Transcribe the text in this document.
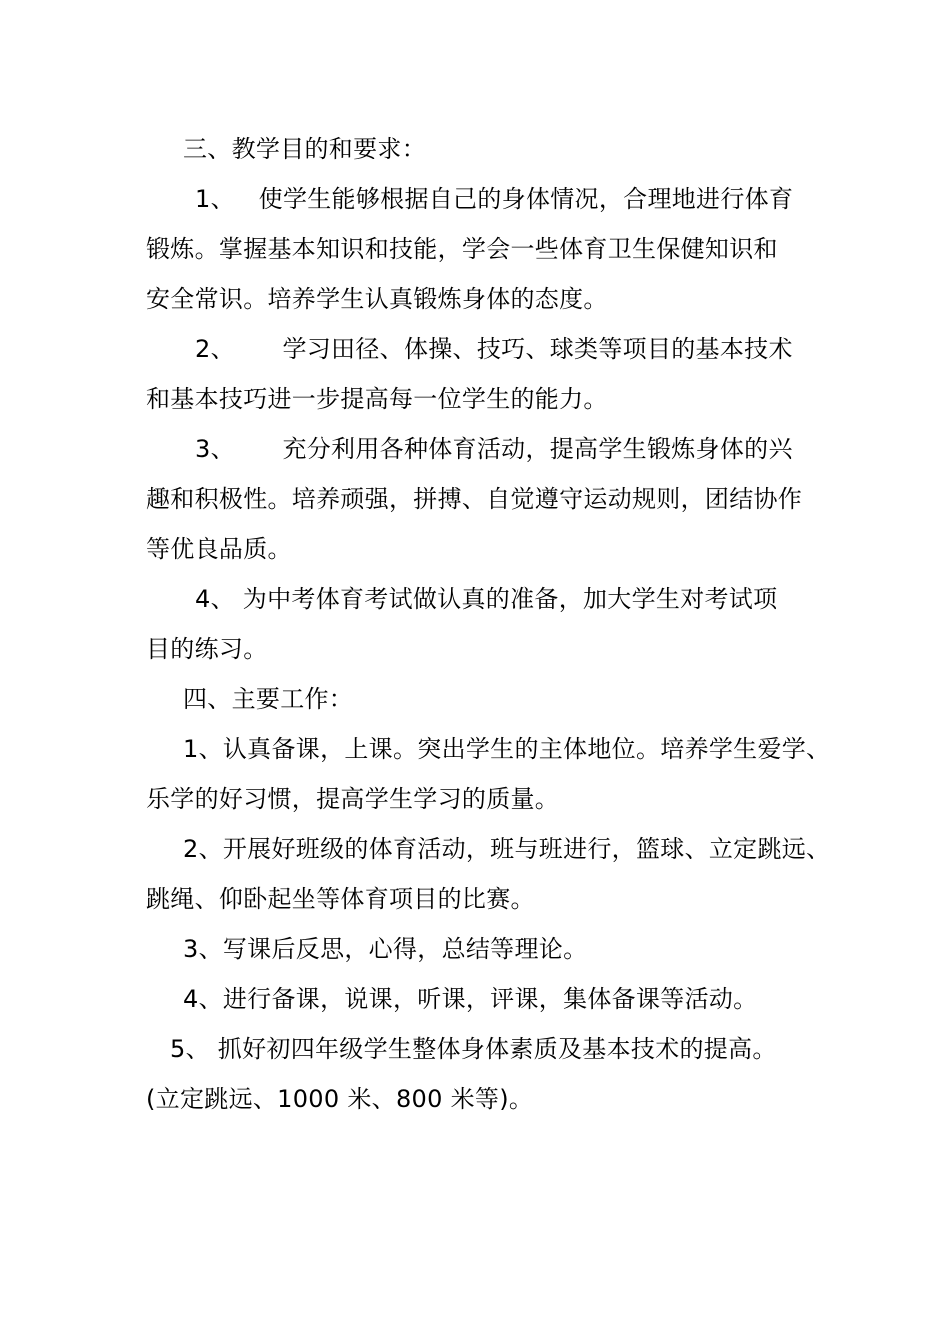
三、教学目的和要求：
1、   使学生能够根据自己的身体情况，合理地进行体育
锻炼。掌握基本知识和技能，学会一些体育卫生保健知识和
安全常识。培养学生认真锻炼身体的态度。
2、      学习田径、体操、技巧、球类等项目的基本技术
和基本技巧进一步提高每一位学生的能力。
3、      充分利用各种体育活动，提高学生锻炼身体的兴
趣和积极性。培养顽强，拼搏、自觉遵守运动规则，团结协作
等优良品质。
4、 为中考体育考试做认真的准备，加大学生对考试项
目的练习。
四、主要工作：
1、认真备课，上课。突出学生的主体地位。培养学生爱学、
乐学的好习惯，提高学生学习的质量。
2、开展好班级的体育活动，班与班进行，篮球、立定跳远、
跳绳、仰卧起坐等体育项目的比赛。
3、写课后反思，心得，总结等理论。
4、进行备课，说课，听课，评课，集体备课等活动。
5、 抓好初四年级学生整体身体素质及基本技术的提高。
(立定跳远、1000 米、800 米等)。
